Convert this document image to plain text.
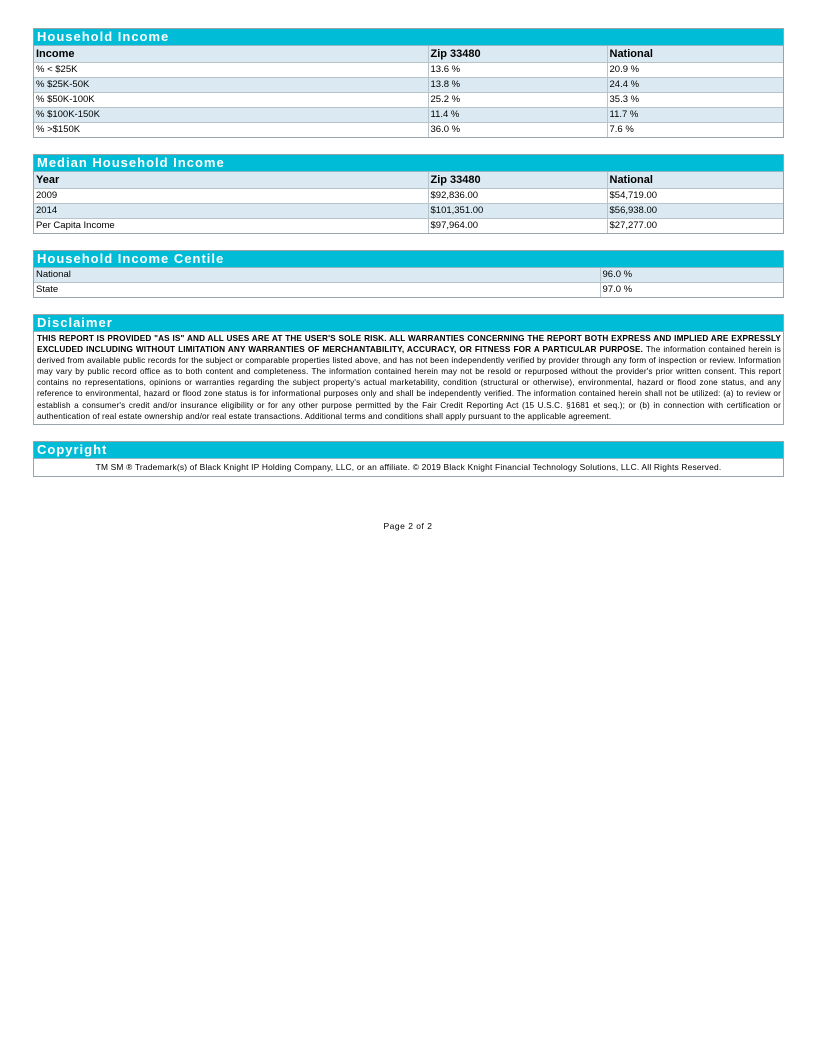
Household Income
Income	Zip 33480	National
% < $25K	13.6 %	20.9 %
% $25K-50K	13.8 %	24.4 %
% $50K-100K	25.2 %	35.3 %
% $100K-150K	11.4 %	11.7 %
% >$150K	36.0 %	7.6 %
Median Household Income
Year	Zip 33480	National
2009	$92,836.00	$54,719.00
2014	$101,351.00	$56,938.00
Per Capita Income	$97,964.00	$27,277.00
Household Income Centile
National	96.0 %
State	97.0 %
Disclaimer
THIS REPORT IS PROVIDED "AS IS" AND ALL USES ARE AT THE USER'S SOLE RISK. ALL WARRANTIES CONCERNING THE REPORT BOTH EXPRESS AND IMPLIED ARE EXPRESSLY EXCLUDED INCLUDING WITHOUT LIMITATION ANY WARRANTIES OF MERCHANTABILITY, ACCURACY, OR FITNESS FOR A PARTICULAR PURPOSE. The information contained herein is derived from available public records for the subject or comparable properties listed above, and has not been independently verified by provider through any form of inspection or review. Information may vary by public record office as to both content and completeness. The information contained herein may not be resold or repurposed without the provider's prior written consent. This report contains no representations, opinions or warranties regarding the subject property's actual marketability, condition (structural or otherwise), environmental, hazard or flood zone status, and any reference to environmental, hazard or flood zone status is for informational purposes only and shall be independently verified. The information contained herein shall not be utilized: (a) to review or establish a consumer's credit and/or insurance eligibility or for any other purpose permitted by the Fair Credit Reporting Act (15 U.S.C. §1681 et seq.); or (b) in connection with certification or authentication of real estate ownership and/or real estate transactions. Additional terms and conditions shall apply pursuant to the applicable agreement.
Copyright
TM SM ® Trademark(s) of Black Knight IP Holding Company, LLC, or an affiliate. © 2019 Black Knight Financial Technology Solutions, LLC. All Rights Reserved.
Page 2 of 2
